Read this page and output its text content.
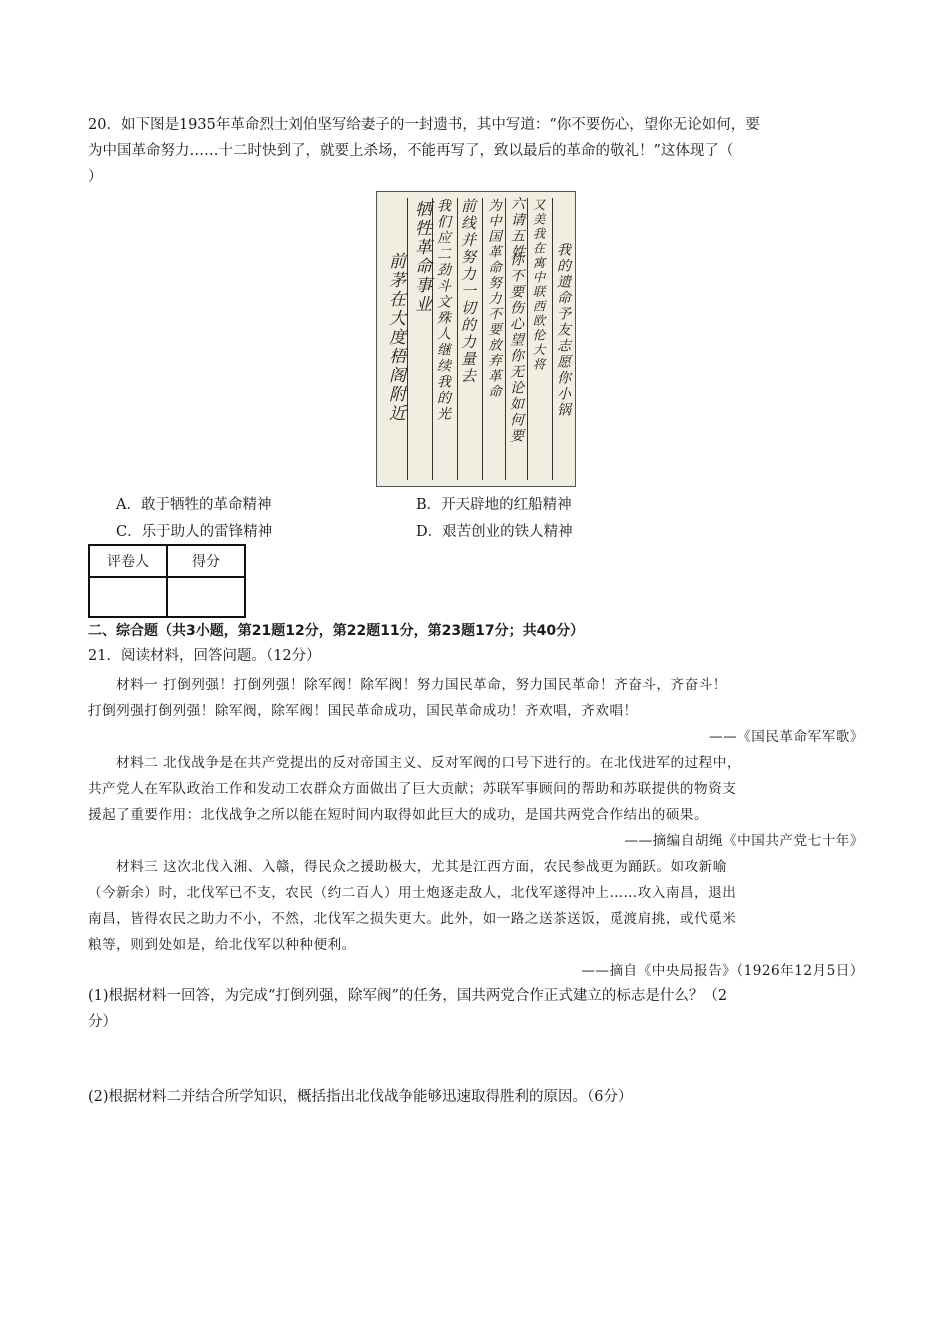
20．如下图是1935年革命烈士刘伯坚写给妻子的一封遗书，其中写道：“你不要伤心，望你无论如何，要
为中国革命努力……十二时快到了，就要上杀场，不能再写了，致以最后的革命的敬礼！”这体现了（
）
前茅在大度梧阁附近 牺牲革命事业 我们应二劲斗文殊人继续我的光 前线并努力一切的力量去 为中国革命努力不要放弃革命 你不要伤心望你无论如何要
六请五姓 又美我在寓中联西欧伦大将 我的遗命予友志愿你小锅
A．敢于牺牲的革命精神	B．开天辟地的红船精神
C．乐于助人的雷锋精神	D．艰苦创业的铁人精神
评卷人	得分

二、综合题（共3小题，第21题12分，第22题11分，第23题17分；共40分）
21．阅读材料，回答问题。（12分）
材料一 打倒列强！打倒列强！除军阀！除军阀！努力国民革命，努力国民革命！齐奋斗，齐奋斗！
打倒列强打倒列强！除军阀，除军阀！国民革命成功，国民革命成功！齐欢唱，齐欢唱！
——《国民革命军军歌》
材料二 北伐战争是在共产党提出的反对帝国主义、反对军阀的口号下进行的。在北伐进军的过程中，
共产党人在军队政治工作和发动工农群众方面做出了巨大贡献；苏联军事顾问的帮助和苏联提供的物资支
援起了重要作用：北伐战争之所以能在短时间内取得如此巨大的成功，是国共两党合作结出的硕果。
——摘编自胡绳《中国共产党七十年》
材料三 这次北伐入湘、入赣，得民众之援助极大，尤其是江西方面，农民参战更为踊跃。如攻新喻
（今新余）时，北伐军已不支，农民（约二百人）用土炮逐走敌人，北伐军遂得冲上……攻入南昌，退出
南昌，皆得农民之助力不小，不然，北伐军之损失更大。此外，如一路之送茶送饭，觅渡肩挑，或代觅米
粮等，则到处如是，给北伐军以种种便利。
——摘自《中央局报告》（1926年12月5日）
(1)根据材料一回答，为完成“打倒列强，除军阀”的任务，国共两党合作正式建立的标志是什么？（2
分）
(2)根据材料二并结合所学知识，概括指出北伐战争能够迅速取得胜利的原因。（6分）
